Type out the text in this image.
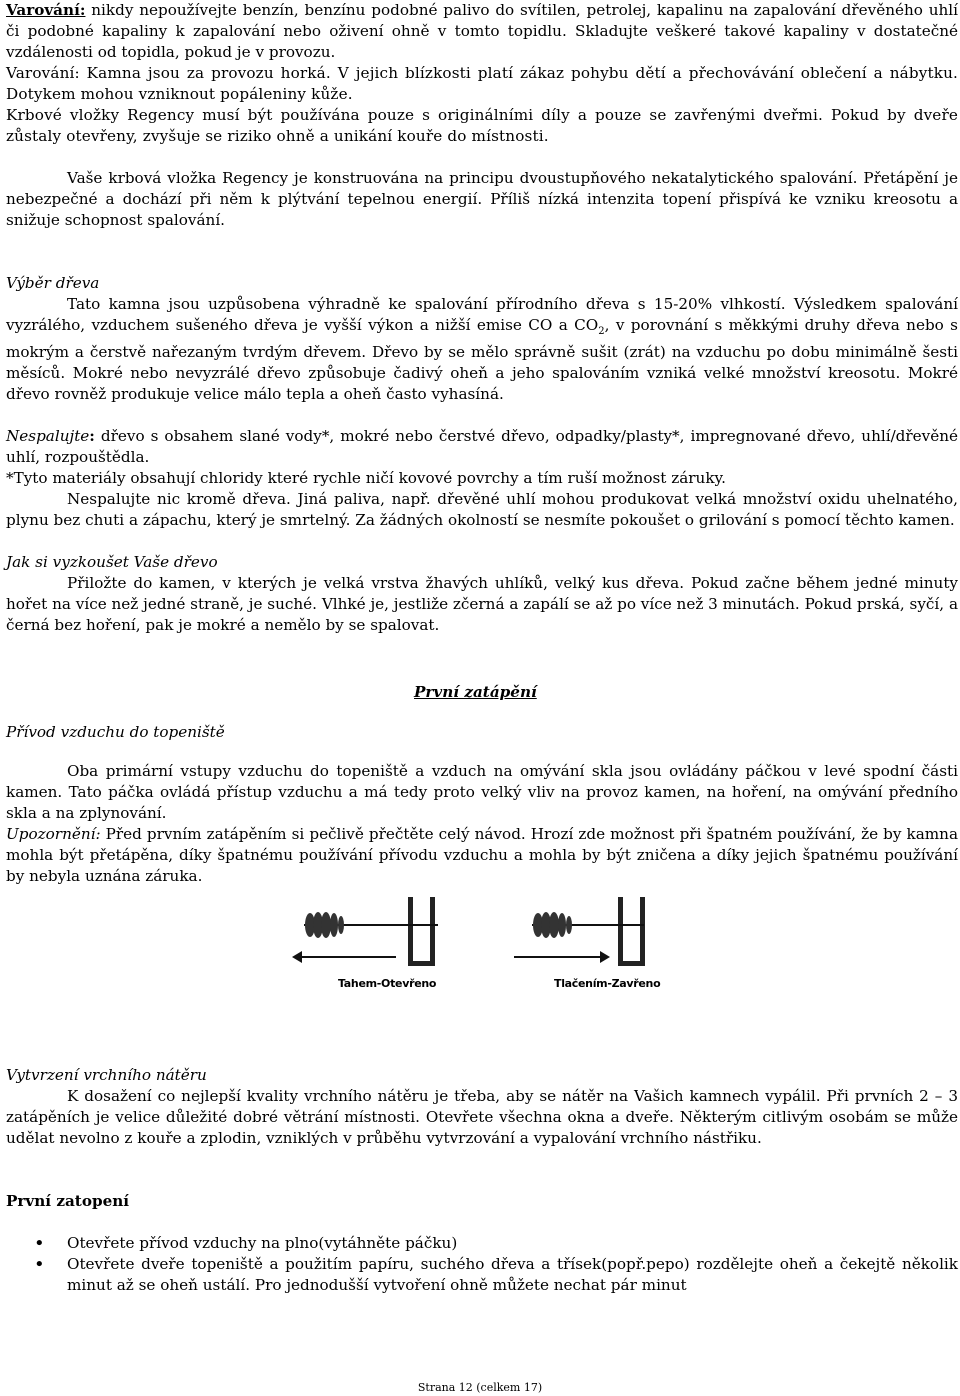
Varování: nikdy nepoužívejte benzín, benzínu podobné palivo do svítilen, petrolej, kapalinu na zapalování dřevěného uhlí či podobné kapaliny k zapalování nebo oživení ohně v tomto topidlu. Skladujte veškeré takové kapaliny v dostatečné vzdálenosti od topidla, pokud je v provozu.

Varování: Kamna jsou za provozu horká. V jejich blízkosti platí zákaz pohybu dětí a přechovávání oblečení a nábytku. Dotykem mohou vzniknout popáleniny kůže.

Krbové vložky Regency musí být používána pouze s originálními díly a pouze se zavřenými dveřmi. Pokud by dveře zůstaly otevřeny, zvyšuje se riziko ohně a unikání kouře do místnosti.

Vaše krbová vložka Regency je konstruována na principu dvoustupňového nekatalytického spalování. Přetápění je nebezpečné a dochází při něm k plýtvání tepelnou energií. Příliš nízká intenzita topení přispívá ke vzniku kreosotu a snižuje schopnost spalování.

Výběr dřeva

Tato kamna jsou uzpůsobena výhradně ke spalování přírodního dřeva s 15-20% vlhkostí. Výsledkem spalování vyzrálého, vzduchem sušeného dřeva je vyšší výkon a nižší emise CO a $CO_2$, v porovnání s měkkými druhy dřeva nebo s mokrým a čerstvě nařezaným tvrdým dřevem. Dřevo by se mělo správně sušit (zrát) na vzduchu po dobu minimálně šesti měsíců. Mokré nebo nevyzrálé dřevo způsobuje čadivý oheň a jeho spalováním vzniká velké množství kreosotu. Mokré dřevo rovněž produkuje velice málo tepla a oheň často vyhasíná.

Nespalujte: dřevo s obsahem slané vody*, mokré nebo čerstvé dřevo, odpadky/plasty*, impregnované dřevo, uhlí/dřevěné uhlí, rozpouštědla.

*Tyto materiály obsahují chloridy které rychle ničí kovové povrchy a tím ruší možnost záruky.

Nespalujte nic kromě dřeva. Jiná paliva, např. dřevěné uhlí mohou produkovat velká množství oxidu uhelnatého, plynu bez chuti a zápachu, který je smrtelný. Za žádných okolností se nesmíte pokoušet o grilování s pomocí těchto kamen.

Jak si vyzkoušet Vaše dřevo

Přiložte do kamen, v kterých je velká vrstva žhavých uhlíků, velký kus dřeva. Pokud začne během jedné minuty hořet na více než jedné straně, je suché. Vlhké je, jestliže zčerná a zapálí se až po více než 3 minutách. Pokud prská, syčí, a černá bez hoření, pak je mokré a nemělo by se spalovat.

První zatápění
Přívod vzduchu do topeniště

Oba primární vstupy vzduchu do topeniště a vzduch na omývání skla jsou ovládány páčkou v levé spodní části kamen. Tato páčka ovládá přístup vzduchu a má tedy proto velký vliv na provoz kamen, na hoření, na omývání předního skla a na zplynování.

Upozornění: Před prvním zatápěním si pečlivě přečtěte celý návod. Hrozí zde možnost při špatném používání, že by kamna mohla být přetápěna, díky špatnému používání přívodu vzduchu a mohla by být zničena a díky jejich špatnému používání by nebyla uznána záruka.

Tahem-Otevřeno	Tlačením-Zavřeno

Vytvrzení vrchního nátěru

K dosažení co nejlepší kvality vrchního nátěru je třeba, aby se nátěr na Vašich kamnech vypálil. Při prvních 2 – 3 zatápěních je velice důležité dobré větrání místnosti. Otevřete všechna okna a dveře. Některým citlivým osobám se může udělat nevolno z kouře a zplodin, vzniklých v průběhu vytvrzování a vypalování vrchního nástřiku.

První zatopení

• Otevřete přívod vzduchy na plno(vytáhněte páčku)
• Otevřete dveře topeniště a použitím papíru, suchého dřeva a třísek(popř.pepo) rozdělejte oheň a čekejtě několik minut až se oheň ustálí. Pro jednodušší vytvoření ohně můžete nechat pár minut
Strana 12 (celkem 17)
